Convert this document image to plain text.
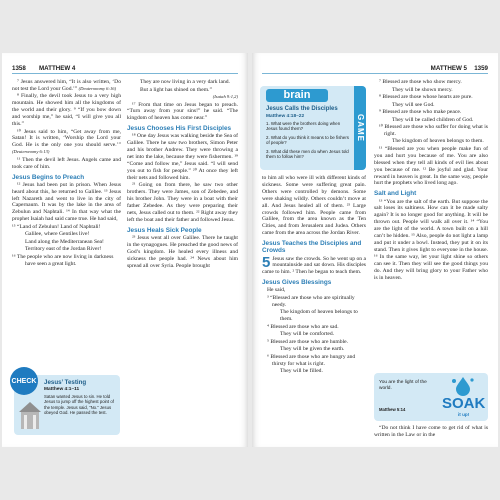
1358	MATTHEW 4

⁷ Jesus answered him, “It is also written, ‘Do not test the Lord your God.’” (Deuteronomy 6:16)

⁸ Finally, the devil took Jesus to a very high mountain. He showed him all the kingdoms of the world and their glory. ⁹ “If you bow down and worship me,” he said, “I will give you all this.”

¹⁰ Jesus said to him, “Get away from me, Satan! It is written, ‘Worship the Lord your God. He is the only one you should serve.’” (Deuteronomy 6:13)

¹¹ Then the devil left Jesus. Angels came and took care of him.

Jesus Begins to Preach

¹² Jesus had been put in prison. When Jesus heard about this, he returned to Galilee. ¹³ Jesus left Nazareth and went to live in the city of Capernaum. It was by the lake in the area of Zebulun and Naphtali. ¹⁴ In that way what the prophet Isaiah had said came true. He had said,

¹⁵ “Land of Zebulun! Land of Naphtali!

Galilee, where Gentiles live!

Land along the Mediterranean Sea!

Territory east of the Jordan River!

¹⁶ The people who are now living in darkness

have seen a great light.

They are now living in a very dark land.

But a light has shined on them.”

(Isaiah 9:1,2)

¹⁷ From that time on Jesus began to preach. “Turn away from your sins!” he said. “The kingdom of heaven has come near.”

Jesus Chooses His First Disciples

¹⁸ One day Jesus was walking beside the Sea of Galilee. There he saw two brothers, Simon Peter and his brother Andrew. They were throwing a net into the lake, because they were fishermen. ¹⁹ “Come and follow me,” Jesus said. “I will send you out to fish for people.” ²⁰ At once they left their nets and followed him.

²¹ Going on from there, he saw two other brothers. They were James, son of Zebedee, and his brother John. They were in a boat with their father Zebedee. As they were preparing their nets, Jesus called out to them. ²² Right away they left the boat and their father and followed Jesus.

Jesus Heals Sick People

²³ Jesus went all over Galilee. There he taught in the synagogues. He preached the good news of God’s kingdom. He healed every illness and sickness the people had. ²⁴ News about him spread all over Syria. People brought

CHECK Jesus’ Testing
Matthew 4:1–11
Satan wanted Jesus to sin. He told Jesus to jump off the highest point of the temple. Jesus said, “No.” Jesus obeyed God. He passed the test.
MATTHEW 5	1359
brain
GAME
Jesus Calls the Disciples
Matthew 4:18–22
1. What were the brothers doing when Jesus found them?
2. What do you think it means to be fishers of people?
3. What did these men do when Jesus told them to follow him?

to him all who were ill with different kinds of sickness. Some were suffering great pain. Others were controlled by demons. Some were shaking wildly. Others couldn’t move at all. And Jesus healed all of them. ²⁵ Large crowds followed him. People came from Galilee, from the area known as the Ten Cities, and from Jerusalem and Judea. Others came from the area across the Jordan River.

Jesus Teaches the Disciples and Crowds

5 Jesus saw the crowds. So he went up on a mountainside and sat down. His disciples came to him. ² Then he began to teach them.

Jesus Gives Blessings

He said,

³ “Blessed are those who are spiritually needy.

The kingdom of heaven belongs to them.

⁴ Blessed are those who are sad.

They will be comforted.

⁵ Blessed are those who are humble.

They will be given the earth.

⁶ Blessed are those who are hungry and thirsty for what is right.

They will be filled.

⁷ Blessed are those who show mercy.

They will be shown mercy.

⁸ Blessed are those whose hearts are pure.

They will see God.

⁹ Blessed are those who make peace.

They will be called children of God.

¹⁰ Blessed are those who suffer for doing what is right.

The kingdom of heaven belongs to them.

¹¹ “Blessed are you when people make fun of you and hurt you because of me. You are also blessed when they tell all kinds of evil lies about you because of me. ¹² Be joyful and glad. Your reward in heaven is great. In the same way, people hurt the prophets who lived long ago.

Salt and Light

¹³ “You are the salt of the earth. But suppose the salt loses its saltiness. How can it be made salty again? It is no longer good for anything. It will be thrown out. People will walk all over it. ¹⁴ “You are the light of the world. A town built on a hill can’t be hidden. ¹⁵ Also, people do not light a lamp and put it under a bowl. Instead, they put it on its stand. Then it gives light to everyone in the house. ¹⁶ In the same way, let your light shine so others can see it. Then they will see the good things you do. And they will bring glory to your Father who is in heaven.

You are the light of the world.
Matthew 5:14 SOAK
it up!

“Do not think I have come to get rid of what is written in the Law or in the
